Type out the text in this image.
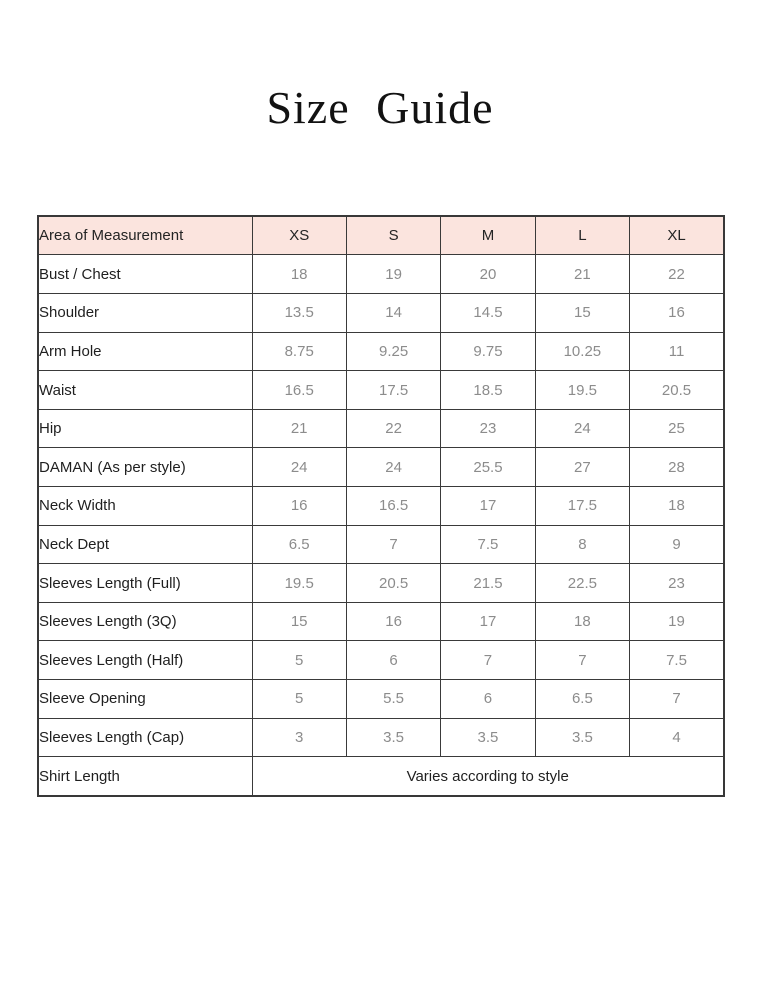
Size Guide
Area of Measurement	XS	S	M	L	XL
Bust / Chest	18	19	20	21	22
Shoulder	13.5	14	14.5	15	16
Arm Hole	8.75	9.25	9.75	10.25	11
Waist	16.5	17.5	18.5	19.5	20.5
Hip	21	22	23	24	25
DAMAN (As per style)	24	24	25.5	27	28
Neck Width	16	16.5	17	17.5	18
Neck Dept	6.5	7	7.5	8	9
Sleeves Length (Full)	19.5	20.5	21.5	22.5	23
Sleeves Length (3Q)	15	16	17	18	19
Sleeves Length (Half)	5	6	7	7	7.5
Sleeve Opening	5	5.5	6	6.5	7
Sleeves Length (Cap)	3	3.5	3.5	3.5	4
Shirt Length	Varies according to style				
